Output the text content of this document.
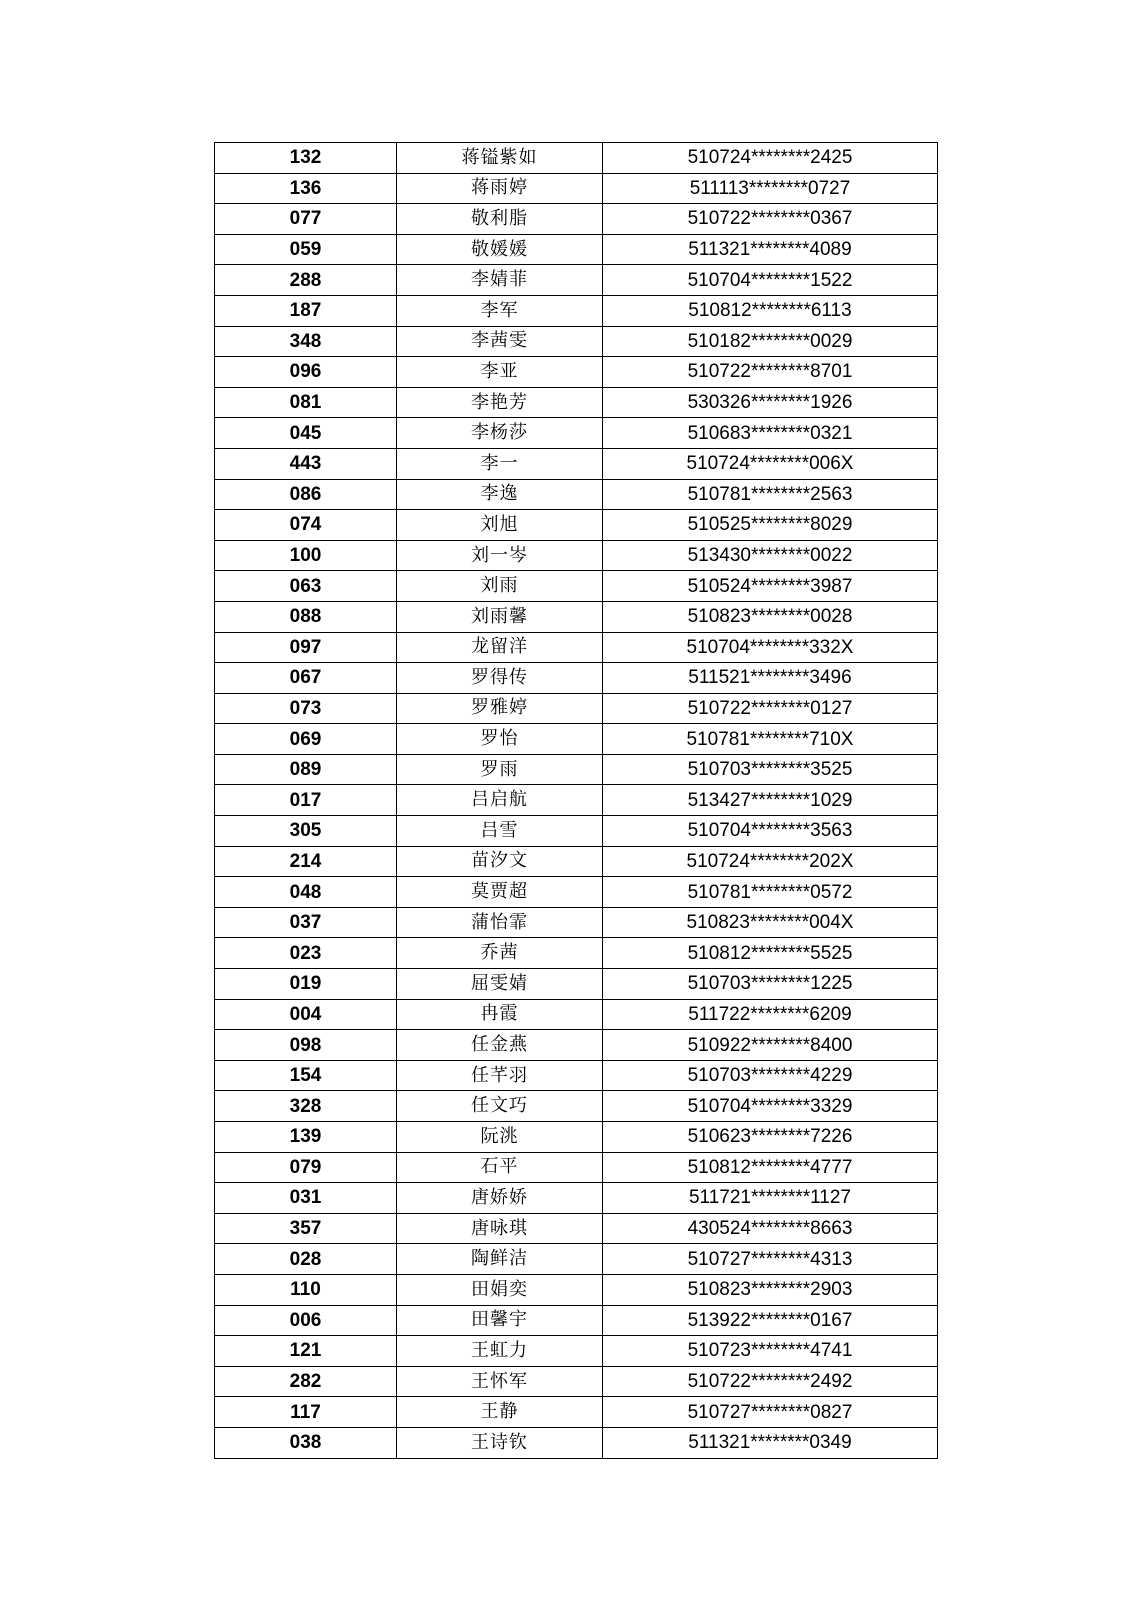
132	蒋镒紫如	510724********2425
136	蒋雨婷	511113********0727
077	敬利脂	510722********0367
059	敬媛媛	511321********4089
288	李婧菲	510704********1522
187	李军	510812********6113
348	李茜雯	510182********0029
096	李亚	510722********8701
081	李艳芳	530326********1926
045	李杨莎	510683********0321
443	李一	510724********006X
086	李逸	510781********2563
074	刘旭	510525********8029
100	刘一岑	513430********0022
063	刘雨	510524********3987
088	刘雨馨	510823********0028
097	龙留洋	510704********332X
067	罗得传	511521********3496
073	罗雅婷	510722********0127
069	罗怡	510781********710X
089	罗雨	510703********3525
017	吕启航	513427********1029
305	吕雪	510704********3563
214	苗汐文	510724********202X
048	莫贾超	510781********0572
037	蒲怡霏	510823********004X
023	乔茜	510812********5525
019	屈雯婧	510703********1225
004	冉霞	511722********6209
098	任金燕	510922********8400
154	任芊羽	510703********4229
328	任文巧	510704********3329
139	阮洮	510623********7226
079	石平	510812********4777
031	唐娇娇	511721********1127
357	唐咏琪	430524********8663
028	陶鲜洁	510727********4313
110	田娟奕	510823********2903
006	田馨宇	513922********0167
121	王虹力	510723********4741
282	王怀军	510722********2492
117	王静	510727********0827
038	王诗钦	511321********0349
